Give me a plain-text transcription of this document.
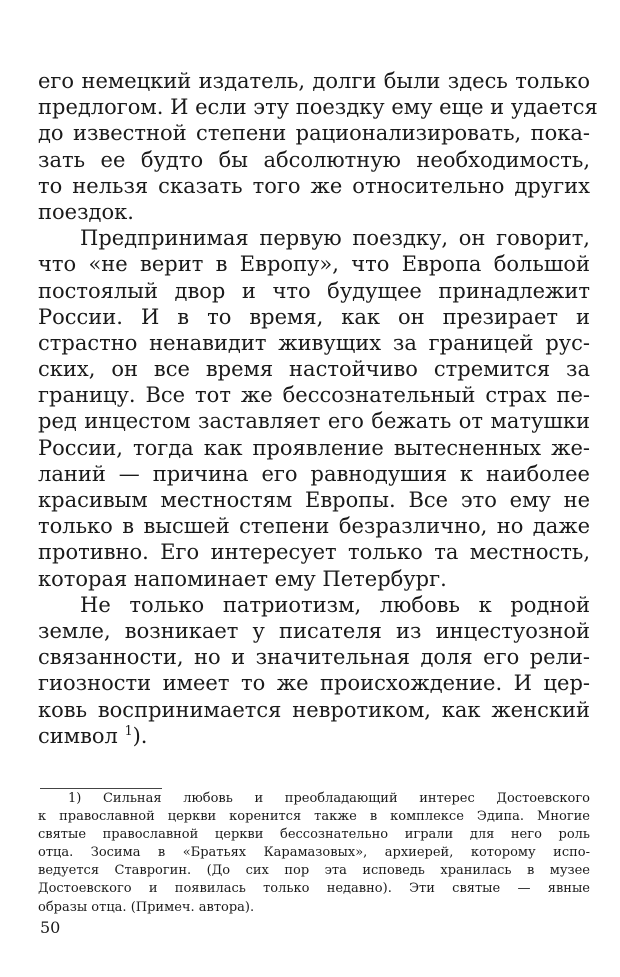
его немецкий издатель, долги были здесь только
предлогом. И если эту поездку ему еще и удается
до известной степени рационализировать, пока-
зать ее будто бы абсолютную необходимость,
то нельзя сказать того же относительно других
поездок.
Предпринимая первую поездку, он говорит,
что «не верит в Европу», что Европа большой
постоялый двор и что будущее принадлежит
России. И в то время, как он презирает и
страстно ненавидит живущих за границей рус-
ских, он все время настойчиво стремится за
границу. Все тот же бессознательный страх пе-
ред инцестом заставляет его бежать от матушки
России, тогда как проявление вытесненных же-
ланий — причина его равнодушия к наиболее
красивым местностям Европы. Все это ему не
только в высшей степени безразлично, но даже
противно. Его интересует только та местность,
которая напоминает ему Петербург.
Не только патриотизм, любовь к родной
земле, возникает у писателя из инцестуозной
связанности, но и значительная доля его рели-
гиозности имеет то же происхождение. И цер-
ковь воспринимается невротиком, как женский
символ $^1$).
1) Сильная любовь и преобладающий интерес Достоевского
к православной церкви коренится также в комплексе Эдипа. Многие
святые православной церкви бессознательно играли для него роль
отца. Зосима в «Братьях Карамазовых», архиерей, которому испо-
ведуется Ставрогин. (До сих пор эта исповедь хранилась в музее
Достоевского и появилась только недавно). Эти святые — явные
образы отца. (Примеч. автора).
50
